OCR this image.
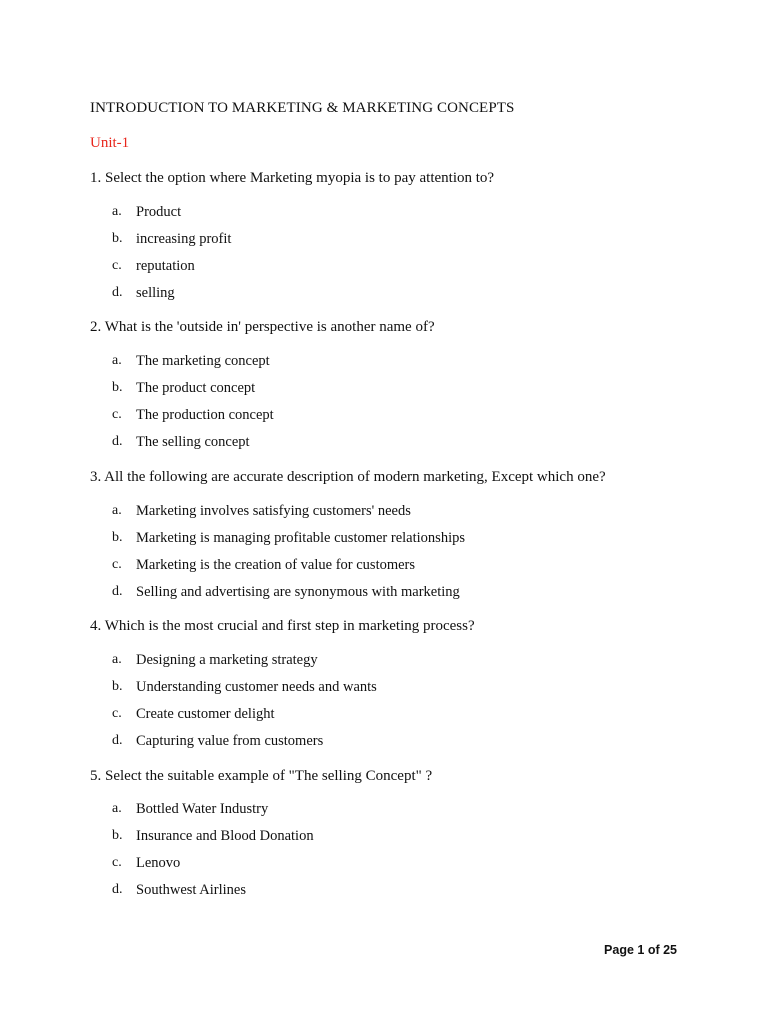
INTRODUCTION TO MARKETING & MARKETING CONCEPTS
Unit-1
1. Select the option where Marketing myopia is to pay attention to?
a. Product
b. increasing profit
c. reputation
d. selling
2. What is the 'outside in' perspective is another name of?
a. The marketing concept
b. The product concept
c. The production concept
d. The selling concept
3. All the following are accurate description of modern marketing, Except which one?
a. Marketing involves satisfying customers' needs
b. Marketing is managing profitable customer relationships
c. Marketing is the creation of value for customers
d. Selling and advertising are synonymous with marketing
4. Which is the most crucial and first step in marketing process?
a. Designing a marketing strategy
b. Understanding customer needs and wants
c. Create customer delight
d. Capturing value from customers
5. Select the suitable example of "The selling Concept" ?
a. Bottled Water Industry
b. Insurance and Blood Donation
c. Lenovo
d. Southwest Airlines
Page 1 of 25
